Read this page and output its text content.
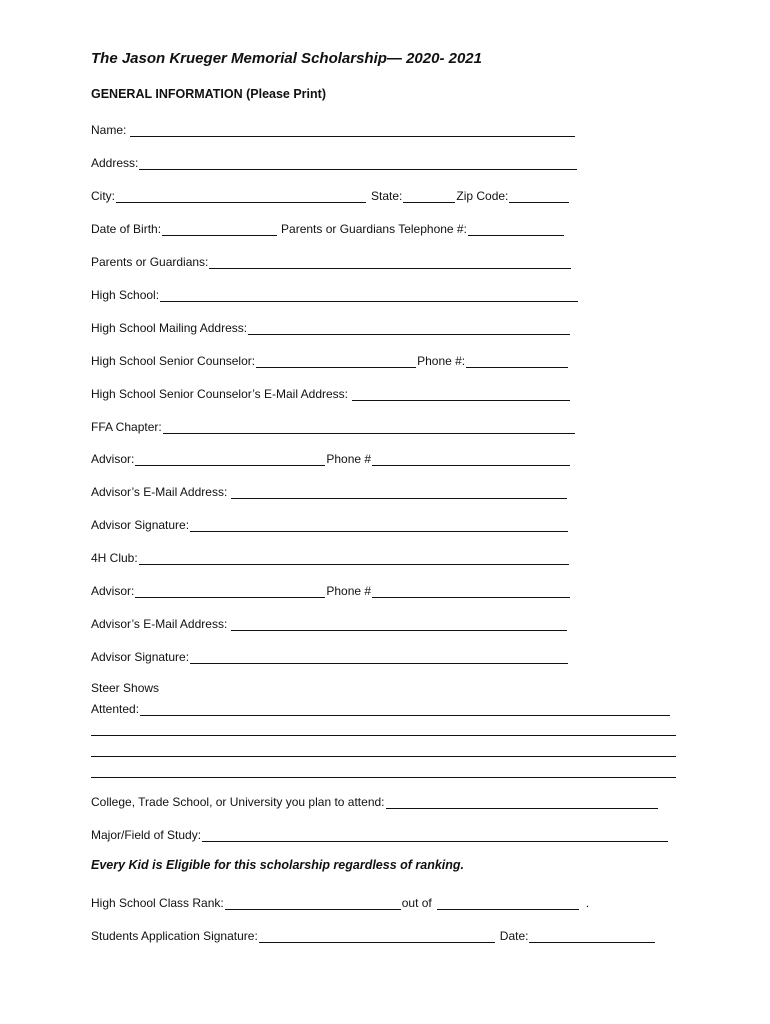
The Jason Krueger Memorial Scholarship— 2020- 2021
GENERAL INFORMATION (Please Print)
Name:
Address:
City:	State:	Zip Code:
Date of Birth:	Parents or Guardians Telephone #:
Parents or Guardians:
High School:
High School Mailing Address:
High School Senior Counselor:	Phone #:
High School Senior Counselor’s E-Mail Address:
FFA Chapter:
Advisor:	Phone #
Advisor’s E-Mail Address:
Advisor Signature:
4H Club:
Advisor:	Phone #
Advisor’s E-Mail Address:
Advisor Signature:
Steer Shows
Attented:
College, Trade School, or University you plan to attend:
Major/Field of Study:
Every Kid is Eligible for this scholarship regardless of ranking.
High School Class Rank:	out of	.
Students Application Signature:	Date:
